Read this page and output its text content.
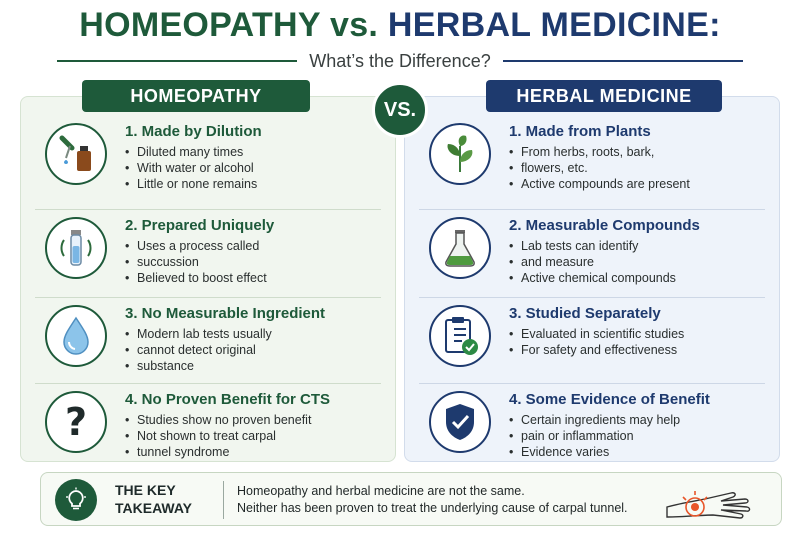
HOMEOPATHY vs. HERBAL MEDICINE:
What’s the Difference?
1. Made by Dilution
• Diluted many times
• With water or alcohol
• Little or none remains
2. Prepared Uniquely
• Uses a process called
• succussion
• Believed to boost effect
3. No Measurable Ingredient
• Modern lab tests usually
• cannot detect original
• substance
?
4. No Proven Benefit for CTS
• Studies show no proven benefit
• Not shown to treat carpal
• tunnel syndrome
1. Made from Plants
• From herbs, roots, bark,
• flowers, etc.
• Active compounds are present
2. Measurable Compounds
• Lab tests can identify
• and measure
• Active chemical compounds
3. Studied Separately
• Evaluated in scientific studies
• For safety and effectiveness
4. Some Evidence of Benefit
• Certain ingredients may help
• pain or inflammation
• Evidence varies
HOMEOPATHY	HERBAL MEDICINE
VS.
THE KEY
TAKEAWAY
Homeopathy and herbal medicine are not the same.
Neither has been proven to treat the underlying cause of carpal tunnel.
